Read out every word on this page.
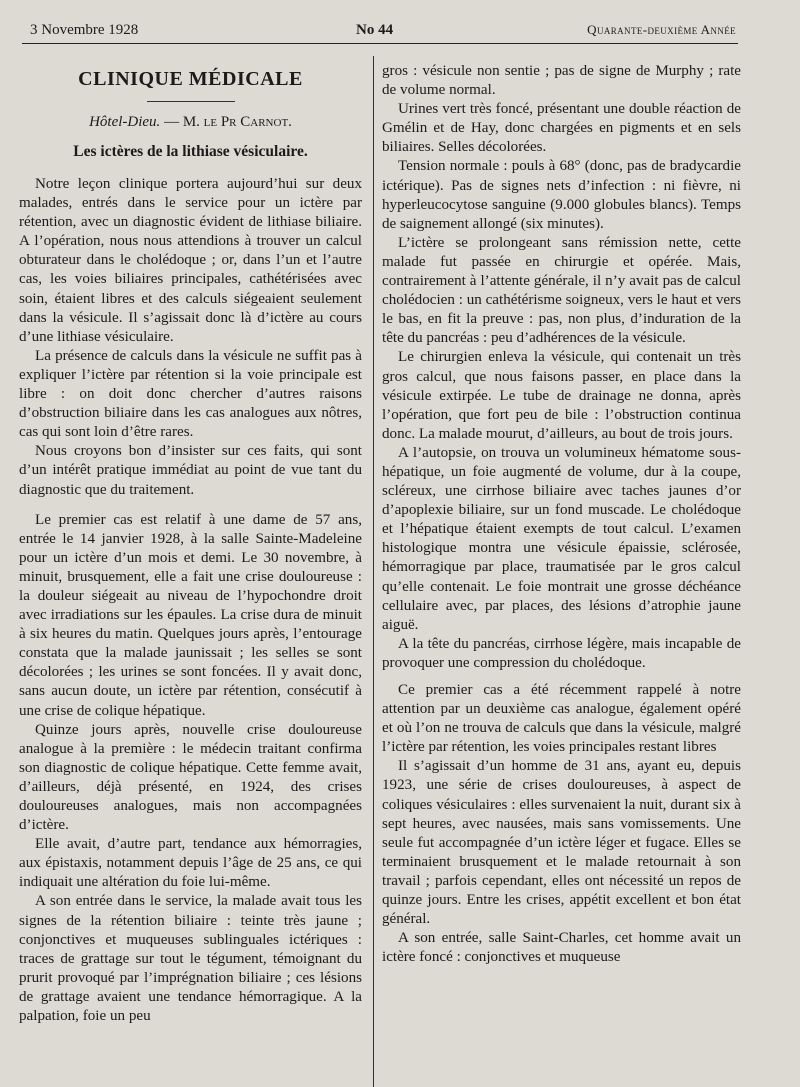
3 Novembre 1928	No 44	Quarante-deuxième Année
CLINIQUE MÉDICALE
Hôtel-Dieu. — M. le Pr Carnot.
Les ictères de la lithiase vésiculaire.

Notre leçon clinique portera aujourd’hui sur deux malades, entrés dans le service pour un ictère par rétention, avec un diagnostic évident de lithiase biliaire. A l’opération, nous nous attendions à trouver un calcul obturateur dans le cholédoque ; or, dans l’un et l’autre cas, les voies biliaires principales, cathétérisées avec soin, étaient libres et des calculs siégeaient seulement dans la vésicule. Il s’agissait donc là d’ictère au cours d’une lithiase vésiculaire.

La présence de calculs dans la vésicule ne suffit pas à expliquer l’ictère par rétention si la voie principale est libre : on doit donc chercher d’autres raisons d’obstruction biliaire dans les cas analogues aux nôtres, cas qui sont loin d’être rares.

Nous croyons bon d’insister sur ces faits, qui sont d’un intérêt pratique immédiat au point de vue tant du diagnostic que du traitement.

Le premier cas est relatif à une dame de 57 ans, entrée le 14 janvier 1928, à la salle Sainte-Madeleine pour un ictère d’un mois et demi. Le 30 novembre, à minuit, brusquement, elle a fait une crise douloureuse : la douleur siégeait au niveau de l’hypochondre droit avec irradiations sur les épaules. La crise dura de minuit à six heures du matin. Quelques jours après, l’entourage constata que la malade jaunissait ; les selles se sont décolorées ; les urines se sont foncées. Il y avait donc, sans aucun doute, un ictère par rétention, consécutif à une crise de colique hépatique.

Quinze jours après, nouvelle crise douloureuse analogue à la première : le médecin traitant confirma son diagnostic de colique hépatique. Cette femme avait, d’ailleurs, déjà présenté, en 1924, des crises douloureuses analogues, mais non accompagnées d’ictère.

Elle avait, d’autre part, tendance aux hémorragies, aux épistaxis, notamment depuis l’âge de 25 ans, ce qui indiquait une altération du foie lui-même.

A son entrée dans le service, la malade avait tous les signes de la rétention biliaire : teinte très jaune ; conjonctives et muqueuses sublinguales ictériques : traces de grattage sur tout le tégument, témoignant du prurit provoqué par l’imprégnation biliaire ; ces lésions de grattage avaient une tendance hémorragique. A la palpation, foie un peu

gros : vésicule non sentie ; pas de signe de Murphy ; rate de volume normal.

Urines vert très foncé, présentant une double réaction de Gmélin et de Hay, donc chargées en pigments et en sels biliaires. Selles décolorées.

Tension normale : pouls à 68° (donc, pas de bradycardie ictérique). Pas de signes nets d’infection : ni fièvre, ni hyperleucocytose sanguine (9.000 globules blancs). Temps de saignement allongé (six minutes).

L’ictère se prolongeant sans rémission nette, cette malade fut passée en chirurgie et opérée. Mais, contrairement à l’attente générale, il n’y avait pas de calcul cholédocien : un cathétérisme soigneux, vers le haut et vers le bas, en fit la preuve : pas, non plus, d’induration de la tête du pancréas : peu d’adhérences de la vésicule.

Le chirurgien enleva la vésicule, qui contenait un très gros calcul, que nous faisons passer, en place dans la vésicule extirpée. Le tube de drainage ne donna, après l’opération, que fort peu de bile : l’obstruction continua donc. La malade mourut, d’ailleurs, au bout de trois jours.

A l’autopsie, on trouva un volumineux hématome sous-hépatique, un foie augmenté de volume, dur à la coupe, scléreux, une cirrhose biliaire avec taches jaunes d’or d’apoplexie biliaire, sur un fond muscade. Le cholédoque et l’hépatique étaient exempts de tout calcul. L’examen histologique montra une vésicule épaissie, sclérosée, hémorragique par place, traumatisée par le gros calcul qu’elle contenait. Le foie montrait une grosse déchéance cellulaire avec, par places, des lésions d’atrophie jaune aiguë.

A la tête du pancréas, cirrhose légère, mais incapable de provoquer une compression du cholédoque.

Ce premier cas a été récemment rappelé à notre attention par un deuxième cas analogue, également opéré et où l’on ne trouva de calculs que dans la vésicule, malgré l’ictère par rétention, les voies principales restant libres

Il s’agissait d’un homme de 31 ans, ayant eu, depuis 1923, une série de crises douloureuses, à aspect de coliques vésiculaires : elles survenaient la nuit, durant six à sept heures, avec nausées, mais sans vomissements. Une seule fut accompagnée d’un ictère léger et fugace. Elles se terminaient brusquement et le malade retournait à son travail ; parfois cependant, elles ont nécessité un repos de quinze jours. Entre les crises, appétit excellent et bon état général.

A son entrée, salle Saint-Charles, cet homme avait un ictère foncé : conjonctives et muqueuse
